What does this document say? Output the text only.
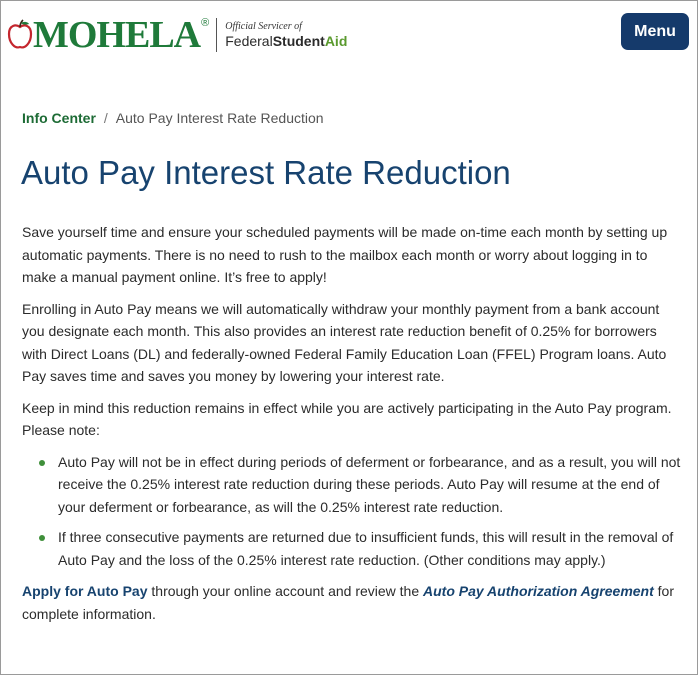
MOHELA ® Official Servicer of
FederalStudentAid
Menu
Info Center / Auto Pay Interest Rate Reduction
Auto Pay Interest Rate Reduction

Save yourself time and ensure your scheduled payments will be made on-time each month by setting up automatic payments. There is no need to rush to the mailbox each month or worry about logging in to make a manual payment online. It’s free to apply!

Enrolling in Auto Pay means we will automatically withdraw your monthly payment from a bank account you designate each month. This also provides an interest rate reduction benefit of 0.25% for borrowers with Direct Loans (DL) and federally-owned Federal Family Education Loan (FFEL) Program loans. Auto Pay saves time and saves you money by lowering your interest rate.

Keep in mind this reduction remains in effect while you are actively participating in the Auto Pay program. Please note:

Auto Pay will not be in effect during periods of deferment or forbearance, and as a result, you will not receive the 0.25% interest rate reduction during these periods. Auto Pay will resume at the end of your deferment or forbearance, as will the 0.25% interest rate reduction.
If three consecutive payments are returned due to insufficient funds, this will result in the removal of Auto Pay and the loss of the 0.25% interest rate reduction. (Other conditions may apply.)

Apply for Auto Pay through your online account and review the Auto Pay Authorization Agreement for complete information.
